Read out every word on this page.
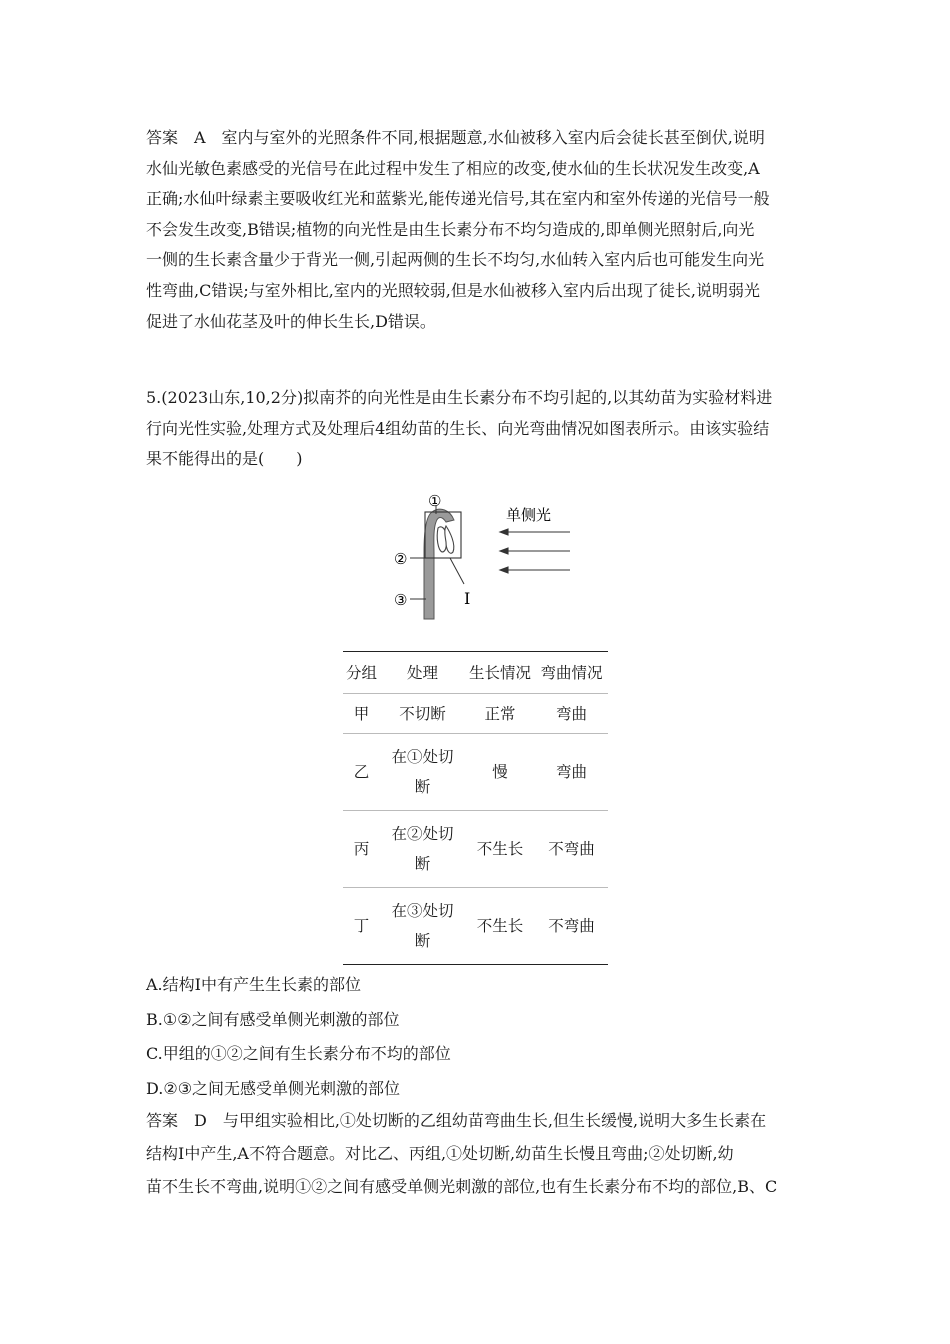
答案　A　室内与室外的光照条件不同,根据题意,水仙被移入室内后会徒长甚至倒伏,说明

水仙光敏色素感受的光信号在此过程中发生了相应的改变,使水仙的生长状况发生改变,A

正确;水仙叶绿素主要吸收红光和蓝紫光,能传递光信号,其在室内和室外传递的光信号一般

不会发生改变,B错误;植物的向光性是由生长素分布不均匀造成的,即单侧光照射后,向光

一侧的生长素含量少于背光一侧,引起两侧的生长不均匀,水仙转入室内后也可能发生向光

性弯曲,C错误;与室外相比,室内的光照较弱,但是水仙被移入室内后出现了徒长,说明弱光

促进了水仙花茎及叶的伸长生长,D错误。

5.(2023山东,10,2分)拟南芥的向光性是由生长素分布不均引起的,以其幼苗为实验材料进

行向光性实验,处理方式及处理后4组幼苗的生长、向光弯曲情况如图表所示。由该实验结

果不能得出的是(　　)

①
②
③	I
单侧光
分组	处理	生长情况	弯曲情况
甲	不切断	正常	弯曲
乙	在①处切断	慢	弯曲
丙	在②处切断	不生长	不弯曲
丁	在③处切断	不生长	不弯曲

A.结构I中有产生生长素的部位

B.①②之间有感受单侧光刺激的部位

C.甲组的①②之间有生长素分布不均的部位

D.②③之间无感受单侧光刺激的部位

答案　D　与甲组实验相比,①处切断的乙组幼苗弯曲生长,但生长缓慢,说明大多生长素在

结构I中产生,A不符合题意。对比乙、丙组,①处切断,幼苗生长慢且弯曲;②处切断,幼

苗不生长不弯曲,说明①②之间有感受单侧光刺激的部位,也有生长素分布不均的部位,B、C
